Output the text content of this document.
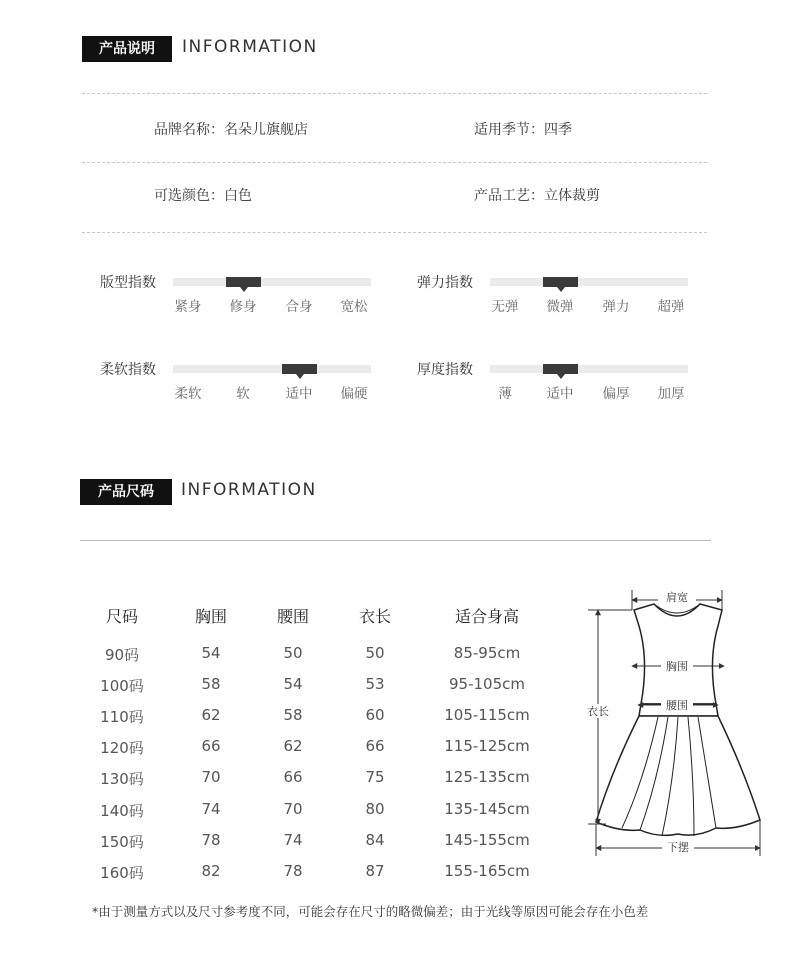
产品说明	INFORMATION
品牌名称：名朵儿旗舰店	适用季节：四季
可选颜色：白色	产品工艺：立体裁剪
版型指数
紧身 修身 合身 宽松
弹力指数
无弹 微弹 弹力 超弹
柔软指数
柔软	软	适中 偏硬
厚度指数
薄	适中 偏厚 加厚
产品尺码	INFORMATION
尺码	胸围	腰围	衣长	适合身高
90码	54	50	50	85-95cm
100码	58	54	53	95-105cm
110码	62	58	60	105-115cm
120码	66	62	66	115-125cm
130码	70	66	75	125-135cm
140码	74	70	80	135-145cm
150码	78	74	84	145-155cm
160码	82	78	87	155-165cm
肩宽
胸围
腰围
衣长
下摆
*由于测量方式以及尺寸参考度不同，可能会存在尺寸的略微偏差；由于光线等原因可能会存在小色差
